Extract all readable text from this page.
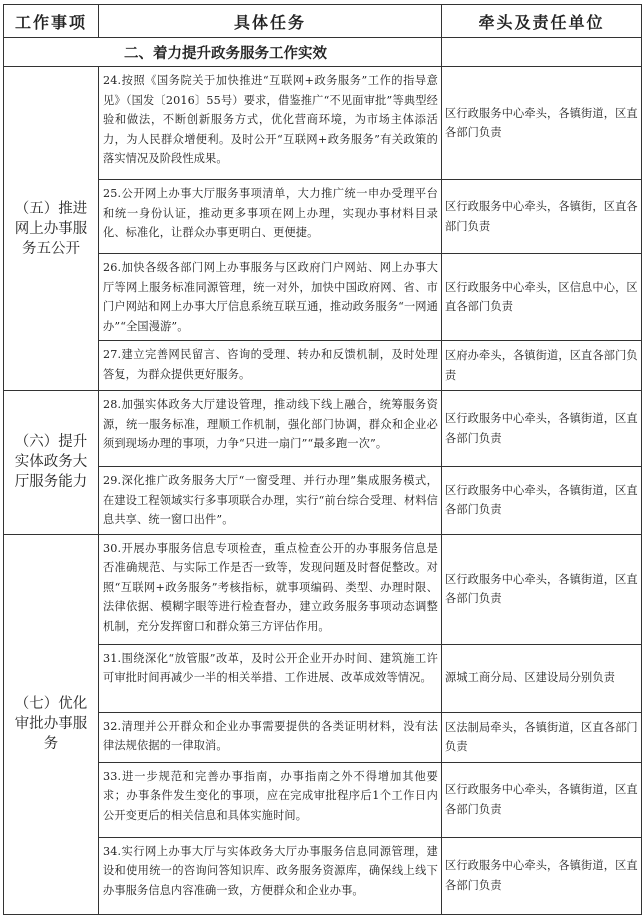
工作事项	具体任务	牵头及责任单位
二、着力提升政务服务工作实效		
（五）推进网上办事服务五公开	24.按照《国务院关于加快推进“互联网+政务服务”工作的指导意见》（国发〔2016〕55号）要求，借鉴推广“不见面审批”等典型经验和做法，不断创新服务方式，优化营商环境，为市场主体添活力，为人民群众增便利。及时公开“互联网+政务服务”有关政策的落实情况及阶段性成果。	区行政服务中心牵头，各镇街道，区直各部门负责
	25.公开网上办事大厅服务事项清单，大力推广统一申办受理平台和统一身份认证，推动更多事项在网上办理，实现办事材料目录化、标准化，让群众办事更明白、更便捷。	区行政服务中心牵头，各镇街，区直各部门负责
	26.加快各级各部门网上办事服务与区政府门户网站、网上办事大厅等网上服务标准同源管理，统一对外，加快中国政府网、省、市门户网站和网上办事大厅信息系统互联互通，推动政务服务“一网通办”“全国漫游”。	区行政服务中心牵头，区信息中心，区直各部门负责
	27.建立完善网民留言、咨询的受理、转办和反馈机制，及时处理答复，为群众提供更好服务。	区府办牵头，各镇街道，区直各部门负责
（六）提升实体政务大厅服务能力	28.加强实体政务大厅建设管理，推动线下线上融合，统筹服务资源，统一服务标准，理顺工作机制，强化部门协调，群众和企业必须到现场办理的事项，力争“只进一扇门”“最多跑一次”。	区行政服务中心牵头，各镇街道，区直各部门负责
	29.深化推广政务服务大厅“一窗受理、并行办理”集成服务模式，在建设工程领域实行多事项联合办理，实行“前台综合受理、材料信息共享、统一窗口出件”。	区行政服务中心牵头，各镇街道，区直各部门负责
（七）优化审批办事服务	30.开展办事服务信息专项检查，重点检查公开的办事服务信息是否准确规范、与实际工作是否一致等，发现问题及时督促整改。对照“互联网+政务服务”考核指标，就事项编码、类型、办理时限、法律依据、模糊字眼等进行检查督办，建立政务服务事项动态调整机制，充分发挥窗口和群众第三方评估作用。	区行政服务中心牵头，各镇街道，区直各部门负责
	31.围绕深化“放管服”改革，及时公开企业开办时间、建筑施工许可审批时间再减少一半的相关举措、工作进展、改革成效等情况。	源城工商分局、区建设局分别负责
	32.清理并公开群众和企业办事需要提供的各类证明材料，没有法律法规依据的一律取消。	区法制局牵头，各镇街道，区直各部门负责
	33.进一步规范和完善办事指南，办事指南之外不得增加其他要求；办事条件发生变化的事项，应在完成审批程序后1个工作日内公开变更后的相关信息和具体实施时间。	区行政服务中心牵头，各镇街道，区直各部门负责
	34.实行网上办事大厅与实体政务大厅办事服务信息同源管理，建设和使用统一的咨询问答知识库、政务服务资源库，确保线上线下办事服务信息内容准确一致，方便群众和企业办事。	区行政服务中心牵头，各镇街道，区直各部门负责
